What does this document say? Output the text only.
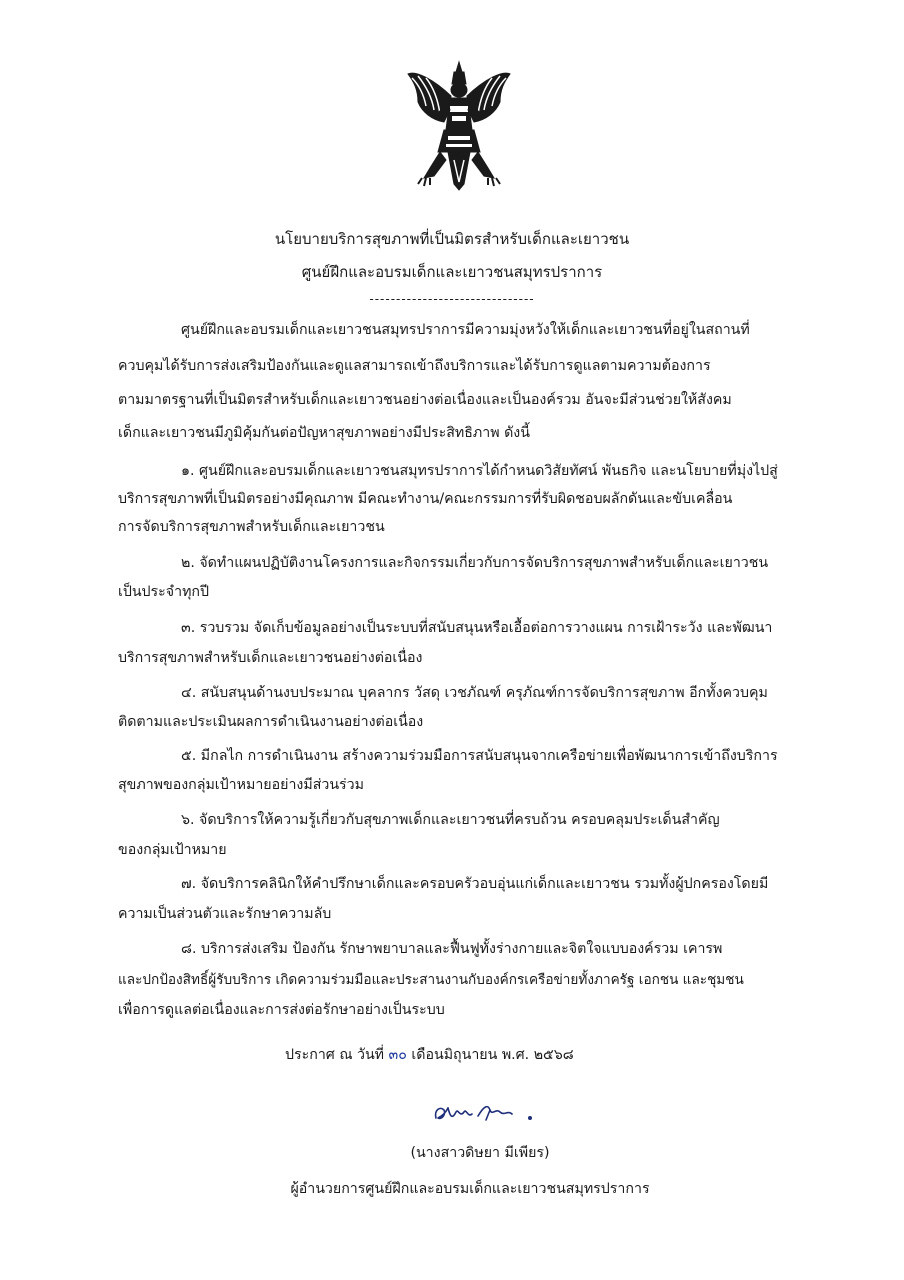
นโยบายบริการสุขภาพที่เป็นมิตรสำหรับเด็กและเยาวชน
ศูนย์ฝึกและอบรมเด็กและเยาวชนสมุทรปราการ
-------------------------------
ศูนย์ฝึกและอบรมเด็กและเยาวชนสมุทรปราการมีความมุ่งหวังให้เด็กและเยาวชนที่อยู่ในสถานที่
ควบคุมได้รับการส่งเสริมป้องกันและดูแลสามารถเข้าถึงบริการและได้รับการดูแลตามความต้องการ
ตามมาตรฐานที่เป็นมิตรสำหรับเด็กและเยาวชนอย่างต่อเนื่องและเป็นองค์รวม อันจะมีส่วนช่วยให้สังคม
เด็กและเยาวชนมีภูมิคุ้มกันต่อปัญหาสุขภาพอย่างมีประสิทธิภาพ ดังนี้
๑. ศูนย์ฝึกและอบรมเด็กและเยาวชนสมุทรปราการได้กำหนดวิสัยทัศน์ พันธกิจ และนโยบายที่มุ่งไปสู่
บริการสุขภาพที่เป็นมิตรอย่างมีคุณภาพ มีคณะทำงาน/คณะกรรมการที่รับผิดชอบผลักดันและขับเคลื่อน
การจัดบริการสุขภาพสำหรับเด็กและเยาวชน
๒. จัดทำแผนปฏิบัติงานโครงการและกิจกรรมเกี่ยวกับการจัดบริการสุขภาพสำหรับเด็กและเยาวชน
เป็นประจำทุกปี
๓. รวบรวม จัดเก็บข้อมูลอย่างเป็นระบบที่สนับสนุนหรือเอื้อต่อการวางแผน การเฝ้าระวัง และพัฒนา
บริการสุขภาพสำหรับเด็กและเยาวชนอย่างต่อเนื่อง
๔. สนับสนุนด้านงบประมาณ บุคลากร วัสดุ เวชภัณฑ์ ครุภัณฑ์การจัดบริการสุขภาพ อีกทั้งควบคุม
ติดตามและประเมินผลการดำเนินงานอย่างต่อเนื่อง
๕. มีกลไก การดำเนินงาน สร้างความร่วมมือการสนับสนุนจากเครือข่ายเพื่อพัฒนาการเข้าถึงบริการ
สุขภาพของกลุ่มเป้าหมายอย่างมีส่วนร่วม
๖. จัดบริการให้ความรู้เกี่ยวกับสุขภาพเด็กและเยาวชนที่ครบถ้วน ครอบคลุมประเด็นสำคัญ
ของกลุ่มเป้าหมาย
๗. จัดบริการคลินิกให้คำปรึกษาเด็กและครอบครัวอบอุ่นแก่เด็กและเยาวชน รวมทั้งผู้ปกครองโดยมี
ความเป็นส่วนตัวและรักษาความลับ
๘. บริการส่งเสริม ป้องกัน รักษาพยาบาลและฟื้นฟูทั้งร่างกายและจิตใจแบบองค์รวม เคารพ
และปกป้องสิทธิ์ผู้รับบริการ เกิดความร่วมมือและประสานงานกับองค์กรเครือข่ายทั้งภาครัฐ เอกชน และชุมชน
เพื่อการดูแลต่อเนื่องและการส่งต่อรักษาอย่างเป็นระบบ
ประกาศ ณ วันที่ ๓๐ เดือนมิถุนายน พ.ศ. ๒๕๖๘
(นางสาวดิษยา มีเพียร)
ผู้อำนวยการศูนย์ฝึกและอบรมเด็กและเยาวชนสมุทรปราการ
